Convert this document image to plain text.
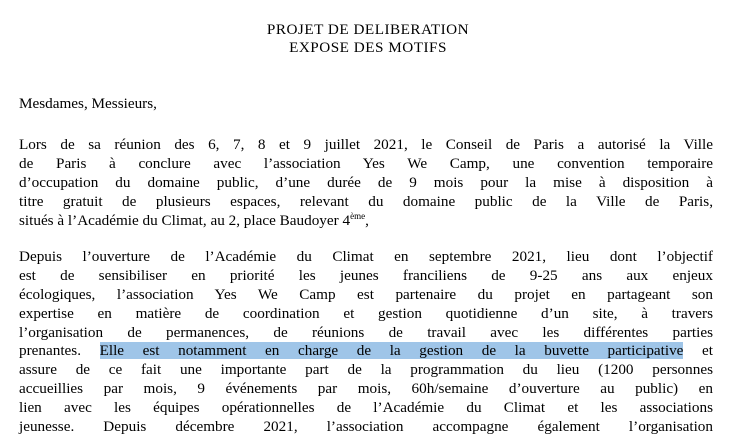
PROJET DE DELIBERATION
EXPOSE DES MOTIFS
Mesdames, Messieurs,
Lors de sa réunion des 6, 7, 8 et 9 juillet 2021, le Conseil de Paris a autorisé la Ville
de Paris à conclure avec l’association Yes We Camp, une convention temporaire
d’occupation du domaine public, d’une durée de 9 mois pour la mise à disposition à
titre gratuit de plusieurs espaces, relevant du domaine public de la Ville de Paris,
situés à l’Académie du Climat, au 2, place Baudoyer 4ème,
Depuis l’ouverture de l’Académie du Climat en septembre 2021, lieu dont l’objectif
est de sensibiliser en priorité les jeunes franciliens de 9-25 ans aux enjeux
écologiques, l’association Yes We Camp est partenaire du projet en partageant son
expertise en matière de coordination et gestion quotidienne d’un site, à travers
l’organisation de permanences, de réunions de travail avec les différentes parties
prenantes. Elle est notamment en charge de la gestion de la buvette participative et
assure de ce fait une importante part de la programmation du lieu (1200 personnes
accueillies par mois, 9 événements par mois, 60h/semaine d’ouverture au public) en
lien avec les équipes opérationnelles de l’Académie du Climat et les associations
jeunesse. Depuis décembre 2021, l’association accompagne également l’organisation
